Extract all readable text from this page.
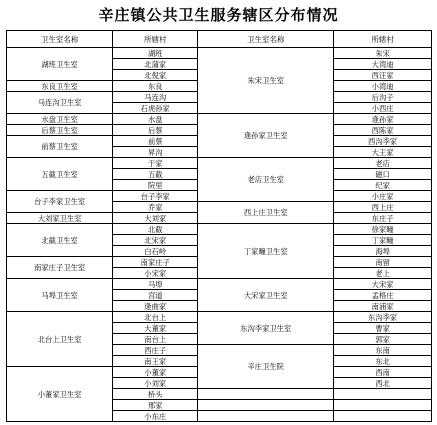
辛庄镇公共卫生服务辖区分布情况
卫生室名称	所辖村	卫生室名称	所辖村
湖班卫生室	湖班	朱宋卫生室	朱宋
	北蒲家		大湾迪
	北倪家		西汪家
东良卫生室	东良		小湾迪
马连沟卫生室	马连沟		后沟子
	石虎孙家		小西庄
水盘卫生室	水盘	逄孙家卫生室	逄孙家
后蔡卫生室	后蔡		西陈家
前蔡卫生室	前蔡		西沟李家
	昇沟		大王家
五截卫生室	于家	老店卫生室	老店
	五截		磁口
	院里		纪家
台子李家卫生室	台子李家		小庄家
	乔家	西上庄卫生室	西上庄
大刘家卫生室	大刘家		东庄子
北截卫生室	北截	丁家疃卫生室	徐家疃
	北宋家		丁家疃
	白石岭		海埠
南家庄子卫生室	南家庄子		南留
	小宋家		老上
马埠卫生室	马埠	大宋家卫生室	大宋家
	宫道		孟格庄
	逄曲家		南浦家
北台上卫生室	北台上	东沟李家卫生室	东沟李家
	大董家		曹家
	南台上		郭家
	西庄子	辛庄卫生院	东南
	南王家		东北
小董家卫生室	小董家		西南
	小刘家		西北
	桥头		
	邢家		
	小东庄		
